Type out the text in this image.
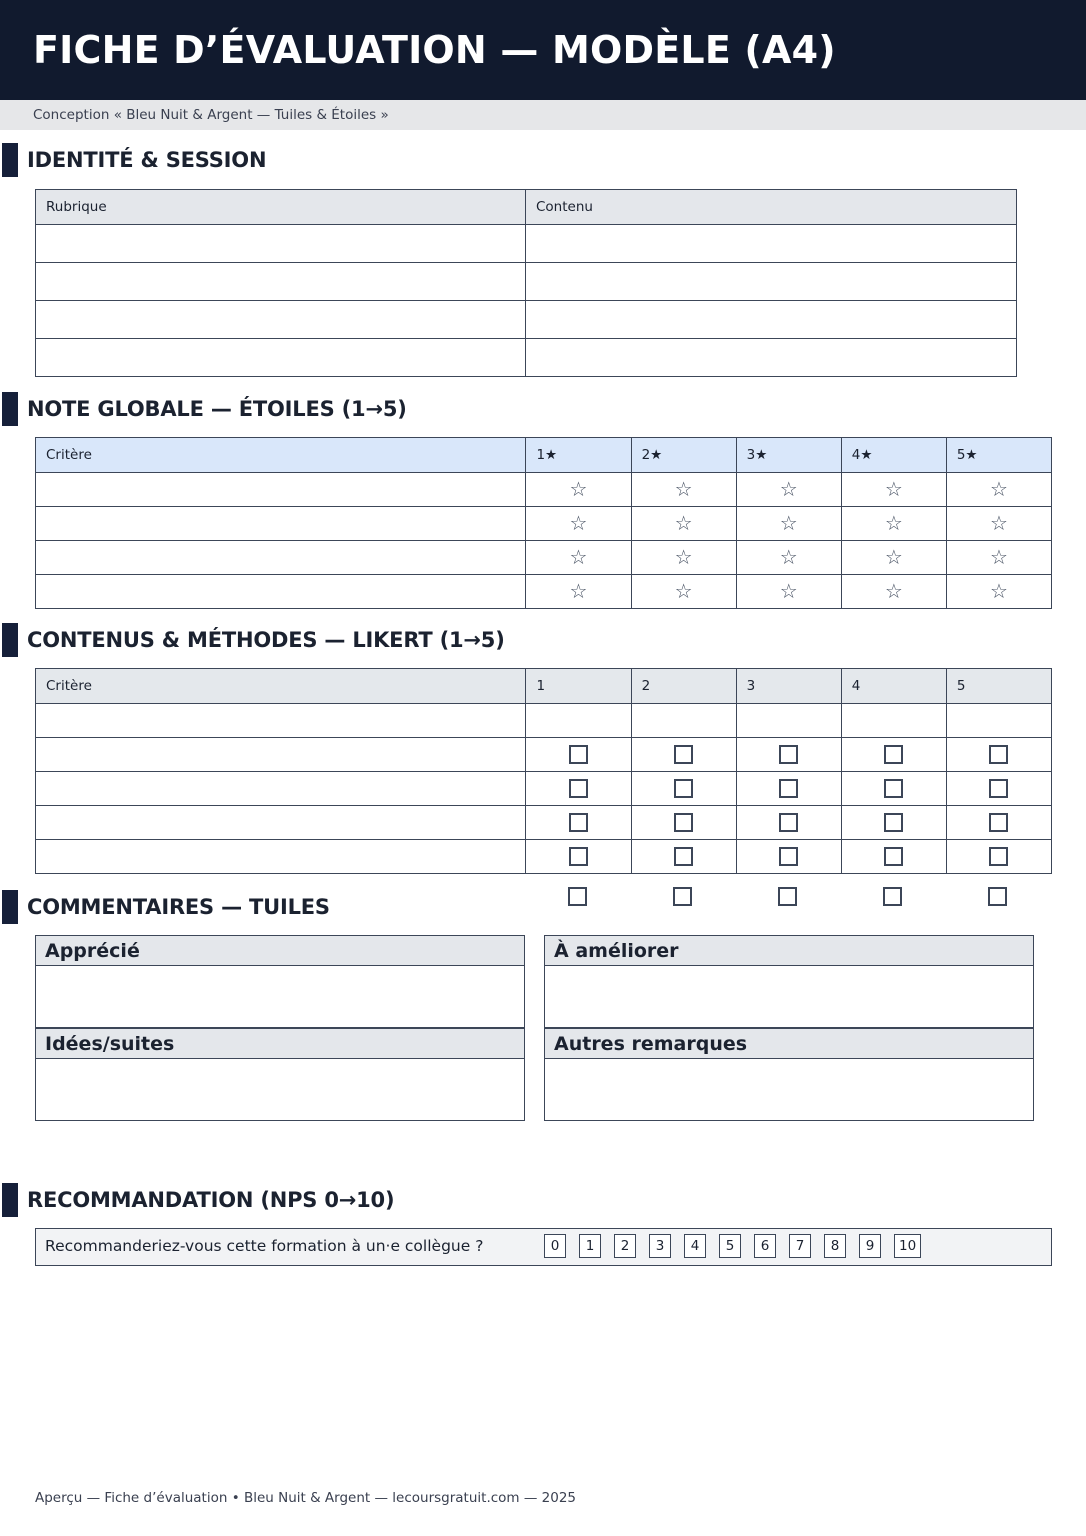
FICHE D’ÉVALUATION — MODÈLE (A4)
Conception « Bleu Nuit & Argent — Tuiles & Étoiles »
IDENTITÉ & SESSION
Rubrique	Contenu

NOTE GLOBALE — ÉTOILES (1→5)
Critère	1★	2★	3★	4★	5★
	☆	☆	☆	☆	☆
	☆	☆	☆	☆	☆
	☆	☆	☆	☆	☆
	☆	☆	☆	☆	☆
CONTENUS & MÉTHODES — LIKERT (1→5)
Critère	1	2	3	4	5

COMMENTAIRES — TUILES
Apprécié	À améliorer
Idées/suites	Autres remarques
RECOMMANDATION (NPS 0→10)
Recommanderiez-vous cette formation à un·e collègue ?	0	1	2	3	4	5	6	7	8	9	10
Aperçu — Fiche d’évaluation • Bleu Nuit & Argent — lecoursgratuit.com — 2025
